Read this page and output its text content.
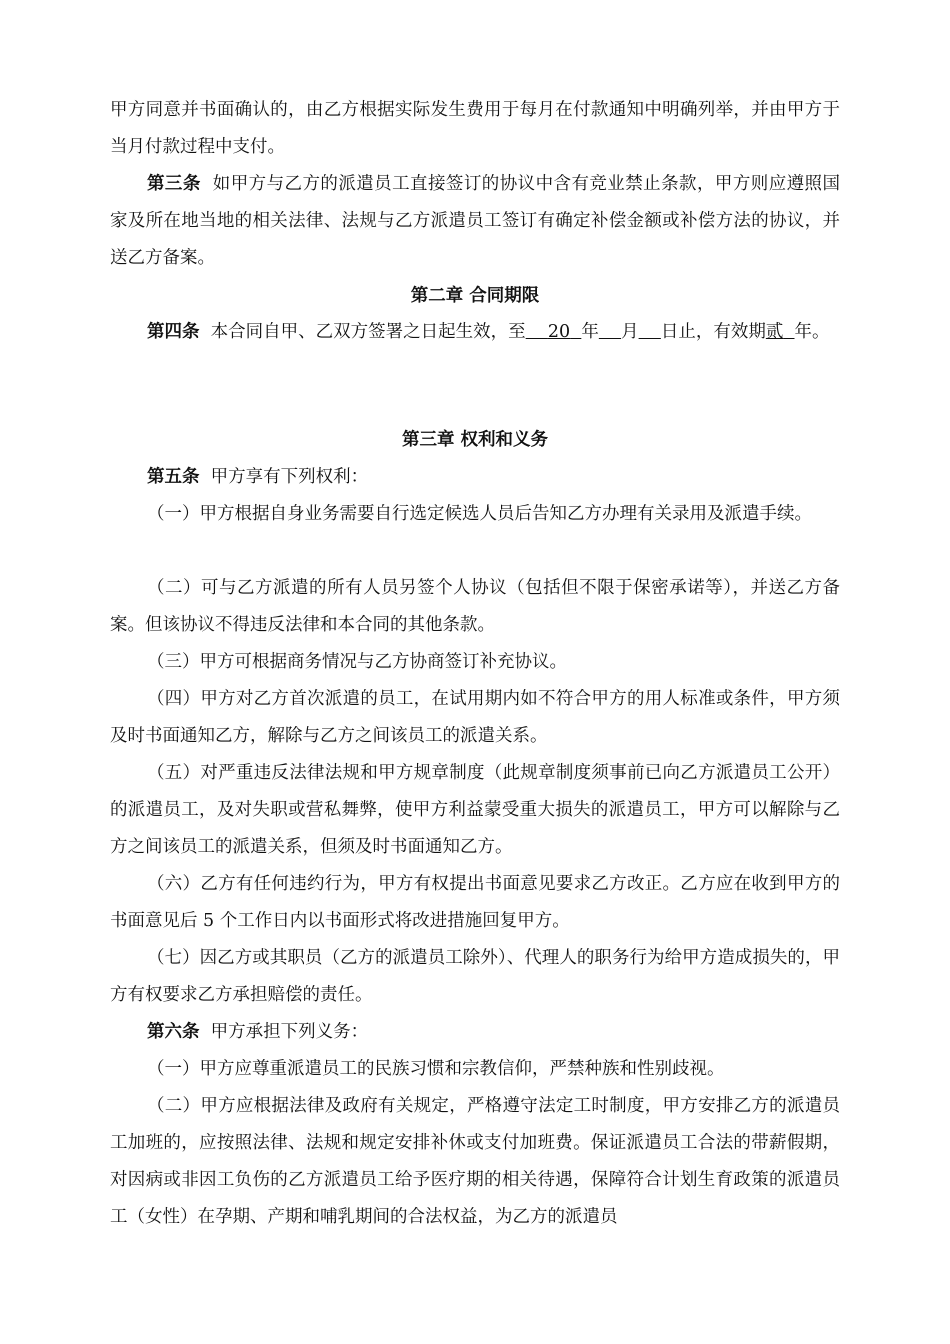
甲方同意并书面确认的，由乙方根据实际发生费用于每月在付款通知中明确列举，并由甲方于当月付款过程中支付。

第三条 如甲方与乙方的派遣员工直接签订的协议中含有竞业禁止条款，甲方则应遵照国家及所在地当地的相关法律、法规与乙方派遣员工签订有确定补偿金额或补偿方法的协议，并送乙方备案。

第二章 合同期限

第四条 本合同自甲、乙双方签署之日起生效，至 20 年 月 日止，有效期贰 年。

第三章 权利和义务

第五条 甲方享有下列权利：

（一）甲方根据自身业务需要自行选定候选人员后告知乙方办理有关录用及派遣手续。

（二）可与乙方派遣的所有人员另签个人协议（包括但不限于保密承诺等），并送乙方备案。但该协议不得违反法律和本合同的其他条款。

（三）甲方可根据商务情况与乙方协商签订补充协议。

（四）甲方对乙方首次派遣的员工，在试用期内如不符合甲方的用人标准或条件，甲方须及时书面通知乙方，解除与乙方之间该员工的派遣关系。

（五）对严重违反法律法规和甲方规章制度（此规章制度须事前已向乙方派遣员工公开）的派遣员工，及对失职或营私舞弊，使甲方利益蒙受重大损失的派遣员工，甲方可以解除与乙方之间该员工的派遣关系，但须及时书面通知乙方。

（六）乙方有任何违约行为，甲方有权提出书面意见要求乙方改正。乙方应在收到甲方的书面意见后 5 个工作日内以书面形式将改进措施回复甲方。

（七）因乙方或其职员（乙方的派遣员工除外）、代理人的职务行为给甲方造成损失的，甲方有权要求乙方承担赔偿的责任。

第六条 甲方承担下列义务：

（一）甲方应尊重派遣员工的民族习惯和宗教信仰，严禁种族和性别歧视。

（二）甲方应根据法律及政府有关规定，严格遵守法定工时制度，甲方安排乙方的派遣员工加班的，应按照法律、法规和规定安排补休或支付加班费。保证派遣员工合法的带薪假期，对因病或非因工负伤的乙方派遣员工给予医疗期的相关待遇，保障符合计划生育政策的派遣员工（女性）在孕期、产期和哺乳期间的合法权益，为乙方的派遣员
